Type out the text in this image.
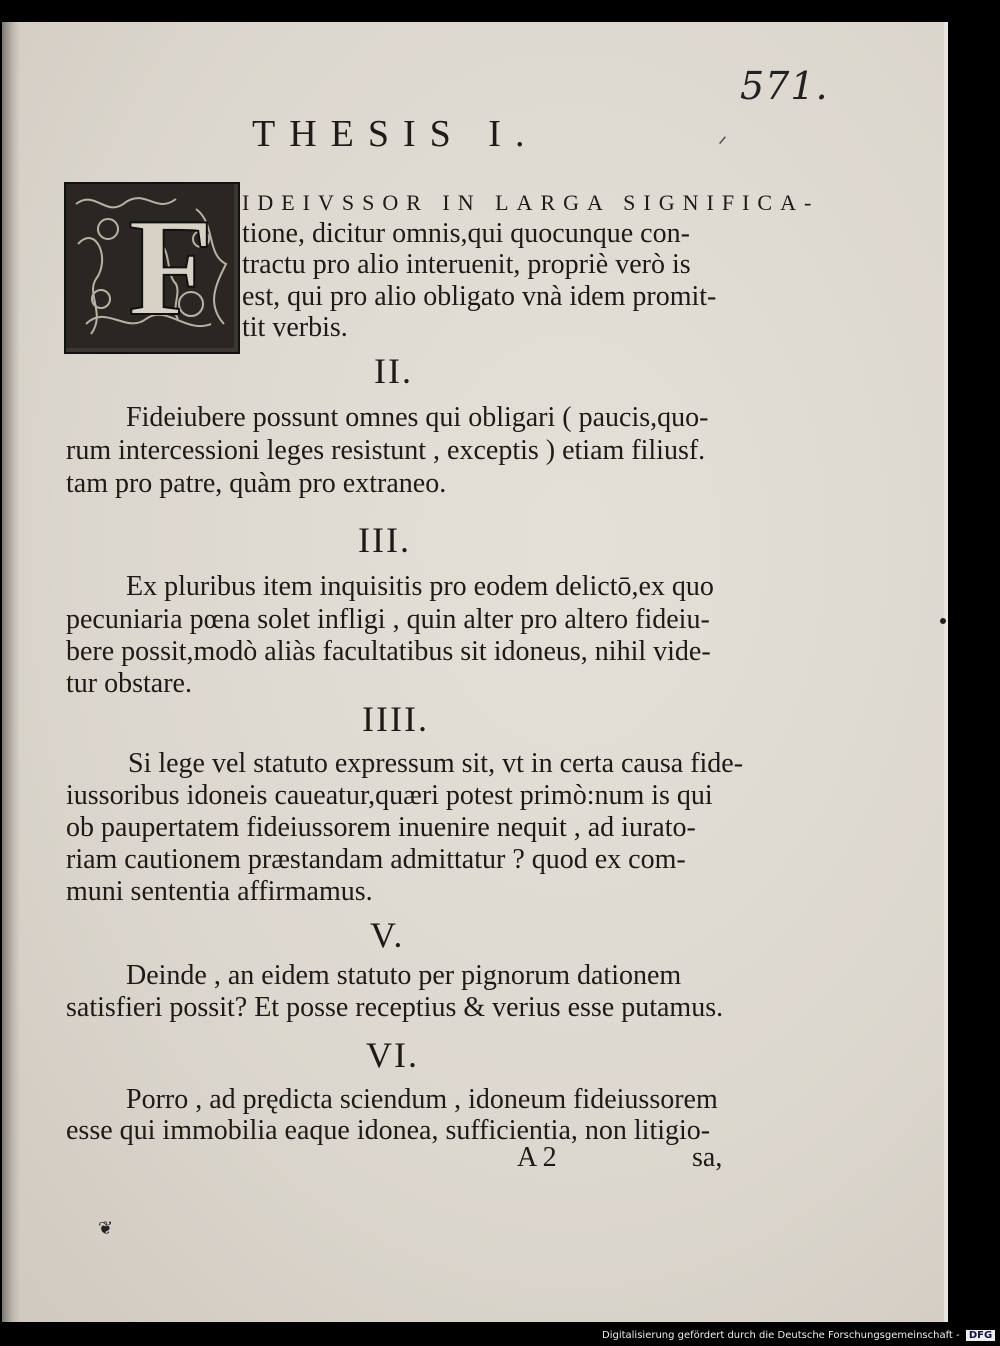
571.
THESIS I.	ᐟ
F IDEIVSSOR IN LARGA SIGNIFICA-
tione, dicitur omnis,qui quocunque con-
tractu pro alio interuenit, propriè verò is
est, qui pro alio obligato vnà idem promit-
tit verbis.
II.
Fideiubere possunt omnes qui obligari ( paucis,quo-
rum intercessioni leges resistunt , exceptis ) etiam filiusf.
tam pro patre, quàm pro extraneo.
III.
Ex pluribus item inquisitis pro eodem delictō,ex quo
pecuniaria pœna solet infligi , quin alter pro altero fideiu-
bere possit,modò aliàs facultatibus sit idoneus, nihil vide-
tur obstare.
IIII.
Si lege vel statuto expressum sit, vt in certa causa fide-
iussoribus idoneis caueatur,quæri potest primò:num is qui
ob paupertatem fideiussorem inuenire nequit , ad iurato-
riam cautionem præstandam admittatur ? quod ex com-
muni sententia affirmamus.
V.
Deinde , an eidem statuto per pignorum dationem
satisfieri possit? Et posse receptius & verius esse putamus.
VI.
Porro , ad prędicta sciendum , idoneum fideiussorem
esse qui immobilia eaque idonea, sufficientia, non litigio-
A 2	sa,
❦
Digitalisierung gefördert durch die Deutsche Forschungsgemeinschaft - DFG
